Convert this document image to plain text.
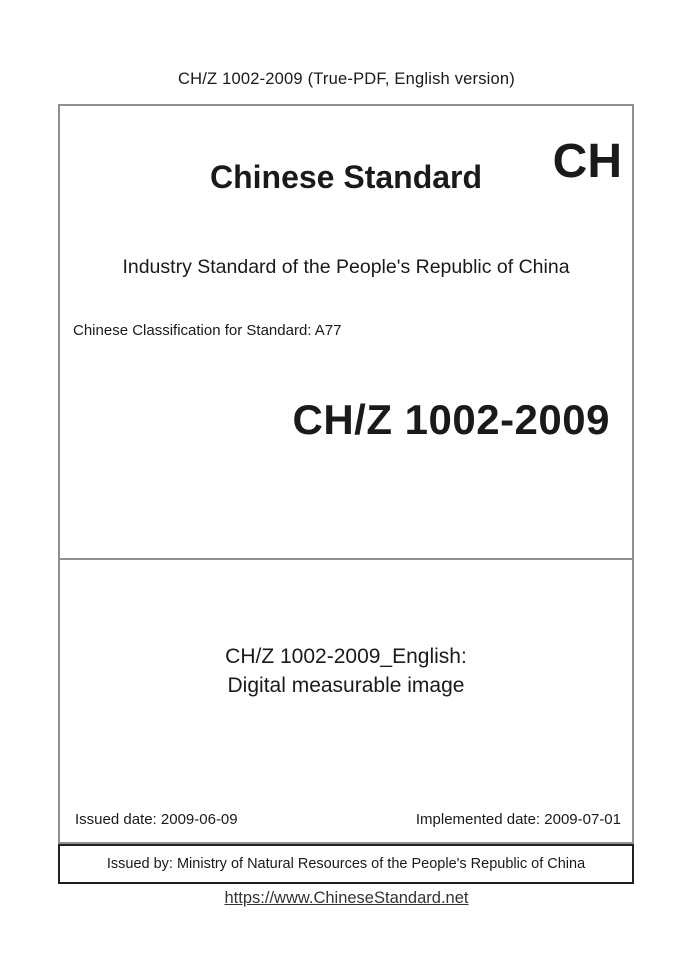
CH/Z 1002-2009 (True-PDF, English version)
Chinese Standard	CH
Industry Standard of the People's Republic of China
Chinese Classification for Standard: A77
CH/Z 1002-2009
CH/Z 1002-2009_English:
Digital measurable image
Issued date: 2009-06-09	Implemented date: 2009-07-01
Issued by: Ministry of Natural Resources of the People's Republic of China
https://www.ChineseStandard.net
